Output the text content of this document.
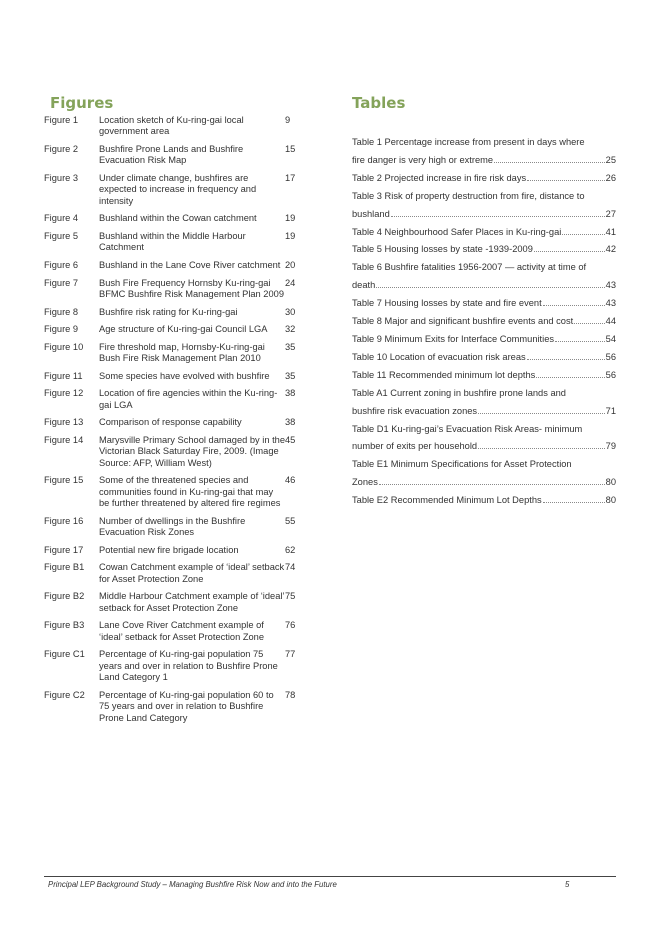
Figures	Tables
Figure 1	Location sketch of Ku-ring-gai local government area
9
Figure 2	Bushfire Prone Lands and Bushfire Evacuation Risk Map
15
Figure 3	Under climate change, bushfires are expected to increase in frequency and intensity
17
Figure 4	Bushland within the Cowan catchment	19
Figure 5	Bushland within the Middle Harbour Catchment
19
Figure 6	Bushland in the Lane Cove River catchment 20
Figure 7	Bush Fire Frequency Hornsby Ku-ring-gai BFMC Bushfire Risk Management Plan 2009
24
Figure 8	Bushfire risk rating for Ku-ring-gai	30
Figure 9	Age structure of Ku-ring-gai Council LGA	32
Figure 10	Fire threshold map, Hornsby-Ku-ring-gai Bush Fire Risk Management Plan 2010
35
Figure 11	Some species have evolved with bushfire	35
Figure 12	Location of fire agencies within the Ku-ring-gai LGA
38
Figure 13	Comparison of response capability	38
Figure 14	Marysville Primary School damaged by in the Victorian Black Saturday Fire, 2009. (Image Source: AFP, William West)
45
Figure 15	Some of the threatened species and communities found in Ku-ring-gai that may be further threatened by altered fire regimes
46
Figure 16	Number of dwellings in the Bushfire Evacuation Risk Zones
55
Figure 17	Potential new fire brigade location	62
Figure B1	Cowan Catchment example of ‘ideal’ setback for Asset Protection Zone
74
Figure B2	Middle Harbour Catchment example of ‘ideal’ setback for Asset Protection Zone
75
Figure B3	Lane Cove River Catchment example of ‘ideal’ setback for Asset Protection Zone
76
Figure C1	Percentage of Ku-ring-gai population 75 years and over in relation to Bushfire Prone Land Category 1
77
Figure C2	Percentage of Ku-ring-gai population 60 to 75 years and over in relation to Bushfire Prone Land Category
78
Table 1 Percentage increase from present in days where
fire danger is very high or extreme	25
Table 2 Projected increase in fire risk days	26
Table 3 Risk of property destruction from fire, distance to
bushland	27
Table 4 Neighbourhood Safer Places in Ku-ring-gai	41
Table 5 Housing losses by state -1939-2009	42
Table 6 Bushfire fatalities 1956-2007 — activity at time of
death	43
Table 7 Housing losses by state and fire event	43
Table 8 Major and significant bushfire events and cost	44
Table 9 Minimum Exits for Interface Communities	54
Table 10 Location of evacuation risk areas	56
Table 11 Recommended minimum lot depths	56
Table A1 Current zoning in bushfire prone lands and
bushfire risk evacuation zones	71
Table D1 Ku-ring-gai’s Evacuation Risk Areas- minimum
number of exits per household	79
Table E1 Minimum Specifications for Asset Protection
Zones	80
Table E2 Recommended Minimum Lot Depths	80
Principal LEP Background Study – Managing Bushfire Risk Now and into the Future	5
